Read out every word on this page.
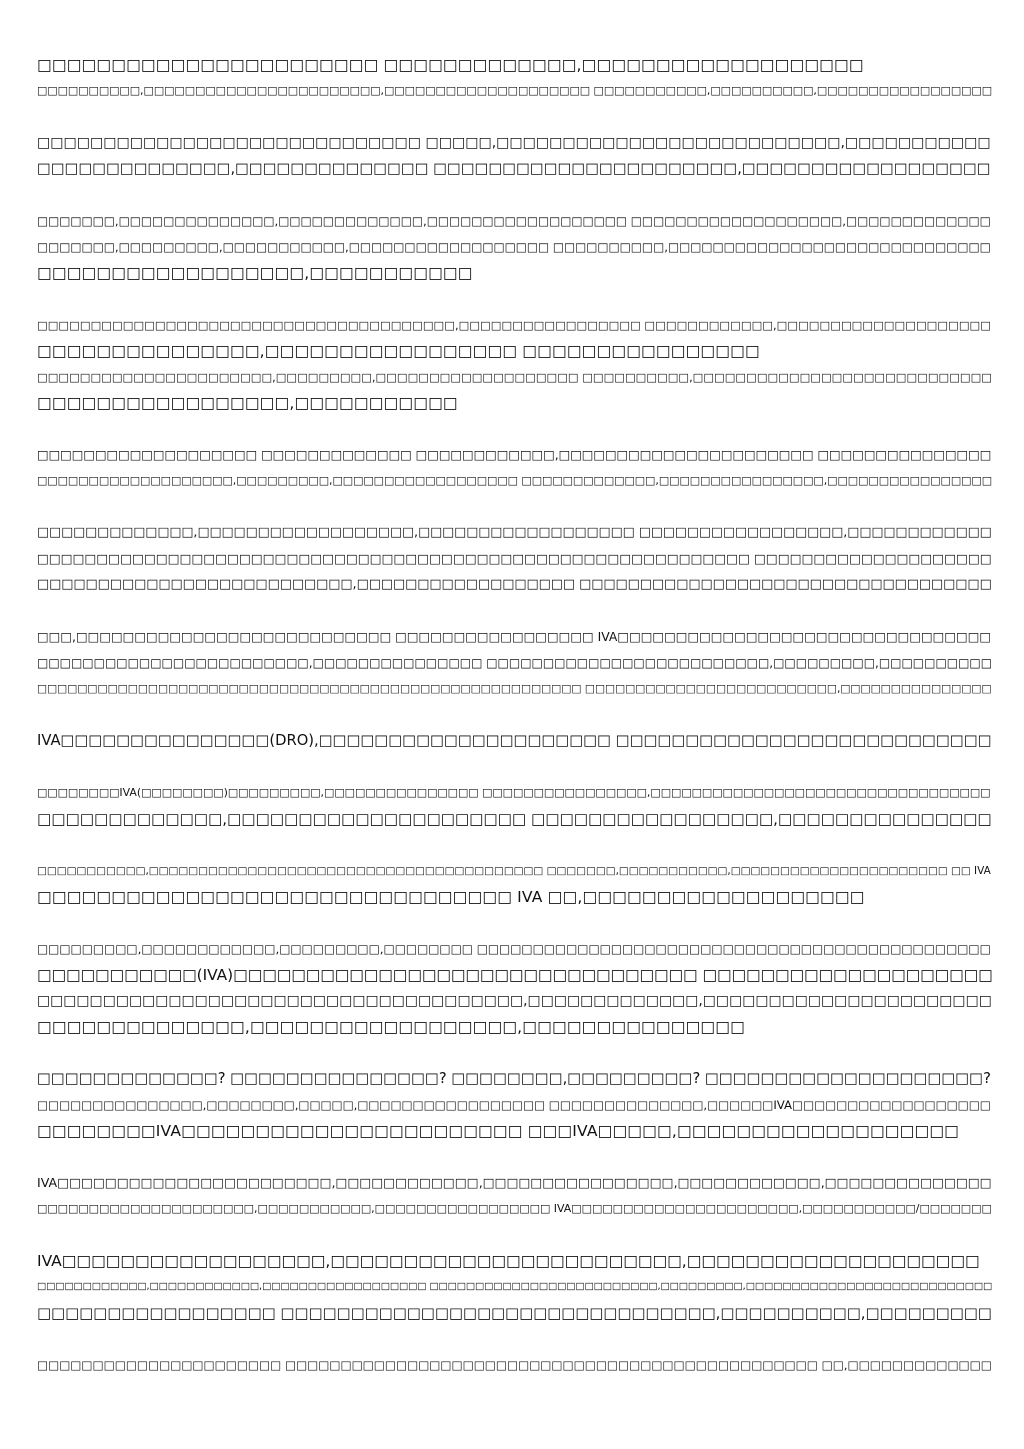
□□□□□□□□□□□□□□□□□□□□□□□ □□□□□□□□□□□□□,□□□□□□□□□□□□□□□□□□□
□□□□□□□□□□,□□□□□□□□□□□□□□□□□□□□□□□,□□□□□□□□□□□□□□□□□□□□ □□□□□□□□□□□,□□□□□□□□□□,□□□□□□□□□□□□□□□□□
□□□□□□□□□□□□□□□□□□□□□□□□□□□□□ □□□□□,□□□□□□□□□□□□□□□□□□□□□□□□□□,□□□□□□□□□□□
□□□□□□□□□□□□□□,□□□□□□□□□□□□□□ □□□□□□□□□□□□□□□□□□□□□□,□□□□□□□□□□□□□□□□□□
□□□□□□□,□□□□□□□□□□□□□□,□□□□□□□□□□□□□,□□□□□□□□□□□□□□□□□□ □□□□□□□□□□□□□□□□□□□,□□□□□□□□□□□□□
□□□□□□□,□□□□□□□□□,□□□□□□□□□□□,□□□□□□□□□□□□□□□□□□ □□□□□□□□□□,□□□□□□□□□□□□□□□□□□□□□□□□□□□□□
□□□□□□□□□□□□□□□□□□,□□□□□□□□□□□
□□□□□□□□□□□□□□□□□□□□□□□□□□□□□□□□□□□□□□□,□□□□□□□□□□□□□□□□□ □□□□□□□□□□□□,□□□□□□□□□□□□□□□□□□□□
□□□□□□□□□□□□□□□,□□□□□□□□□□□□□□□□□ □□□□□□□□□□□□□□□□
□□□□□□□□□□□□□□□□□□□□□□,□□□□□□□□□,□□□□□□□□□□□□□□□□□□□ □□□□□□□□□□,□□□□□□□□□□□□□□□□□□□□□□□□□□□□
□□□□□□□□□□□□□□□□□,□□□□□□□□□□□
□□□□□□□□□□□□□□□□□□□ □□□□□□□□□□□□□ □□□□□□□□□□□□,□□□□□□□□□□□□□□□□□□□□□□ □□□□□□□□□□□□□□□
□□□□□□□□□□□□□□□□□□□,□□□□□□□□□,□□□□□□□□□□□□□□□□□□ □□□□□□□□□□□□□,□□□□□□□□□□□□□□□□,□□□□□□□□□□□□□□□□
□□□□□□□□□□□□□,□□□□□□□□□□□□□□□□□□,□□□□□□□□□□□□□□□□□□ □□□□□□□□□□□□□□□□□,□□□□□□□□□□□□
□□□□□□□□□□□□□□□□□□□□□□□□□□□□□□□□□□□□□□□□□□□□□□□□□□□□□□□□□□□□ □□□□□□□□□□□□□□□□□□□□
□□□□□□□□□□□□□□□□□□□□□□□□□□,□□□□□□□□□□□□□□□□□□ □□□□□□□□□□□□□□□□□□□□□□□□□□□□□□□□□□
□□□,□□□□□□□□□□□□□□□□□□□□□□□□□□□ □□□□□□□□□□□□□□□□□ IVA□□□□□□□□□□□□□□□□□□□□□□□□□□□□□□□□
□□□□□□□□□□□□□□□□□□□□□□□□,□□□□□□□□□□□□□□□ □□□□□□□□□□□□□□□□□□□□□□□□□,□□□□□□□□□,□□□□□□□□□□
□□□□□□□□□□□□□□□□□□□□□□□□□□□□□□□□□□□□□□□□□□□□□□□□□□□□□□ □□□□□□□□□□□□□□□□□□□□□□□□□,□□□□□□□□□□□□□□□
IVA□□□□□□□□□□□□□□□(DRO),□□□□□□□□□□□□□□□□□□□□□ □□□□□□□□□□□□□□□□□□□□□□□□□□□
□□□□□□□□IVA(□□□□□□□□)□□□□□□□□□,□□□□□□□□□□□□□□□ □□□□□□□□□□□□□□□□,□□□□□□□□□□□□□□□□□□□□□□□□□□□□□□□□□
□□□□□□□□□□□□□,□□□□□□□□□□□□□□□□□□□□□ □□□□□□□□□□□□□□□□□,□□□□□□□□□□□□□□□
□□□□□□□□□□□,□□□□□□□□□□□□□□□□□□□□□□□□□□□□□□□□□□□□□□□□ □□□□□□□,□□□□□□□□□□□,□□□□□□□□□□□□□□□□□□□□□□ □□ IVA
□□□□□□□□□□□□□□□□□□□□□□□□□□□□□□□□ IVA □□,□□□□□□□□□□□□□□□□□□□
□□□□□□□□□,□□□□□□□□□□□□,□□□□□□□□□,□□□□□□□□ □□□□□□□□□□□□□□□□□□□□□□□□□□□□□□□□□□□□□□□□□□□□□□
□□□□□□□□□□□(IVA)□□□□□□□□□□□□□□□□□□□□□□□□□□□□□□□□ □□□□□□□□□□□□□□□□□□□□
□□□□□□□□□□□□□□□□□□□□□□□□□□□□□□□□□□□□□,□□□□□□□□□□□□□,□□□□□□□□□□□□□□□□□□□□□□
□□□□□□□□□□□□□□,□□□□□□□□□□□□□□□□□□,□□□□□□□□□□□□□□□
□□□□□□□□□□□□□? □□□□□□□□□□□□□□□? □□□□□□□□,□□□□□□□□□? □□□□□□□□□□□□□□□□□□□□?
□□□□□□□□□□□□□□□,□□□□□□□□,□□□□□,□□□□□□□□□□□□□□□□□ □□□□□□□□□□□□□□,□□□□□□IVA□□□□□□□□□□□□□□□□□□
□□□□□□□□IVA□□□□□□□□□□□□□□□□□□□□□□□ □□□IVA□□□□□,□□□□□□□□□□□□□□□□□□□
IVA□□□□□□□□□□□□□□□□□□□□□□□,□□□□□□□□□□□□,□□□□□□□□□□□□□□□□,□□□□□□□□□□□□,□□□□□□□□□□□□□□
□□□□□□□□□□□□□□□□□□□□□,□□□□□□□□□□□,□□□□□□□□□□□□□□□□□ IVA□□□□□□□□□□□□□□□□□□□□□□,□□□□□□□□□□□/□□□□□□□
IVA□□□□□□□□□□□□□□□□□□,□□□□□□□□□□□□□□□□□□□□□□□□,□□□□□□□□□□□□□□□□□□□□
□□□□□□□□□□□□,□□□□□□□□□□□□,□□□□□□□□□□□□□□□□□□ □□□□□□□□□□□□□□□□□□□□□□□□□,□□□□□□□□□,□□□□□□□□□□□□□□□□□□□□□□□□□□□
□□□□□□□□□□□□□□□□□ □□□□□□□□□□□□□□□□□□□□□□□□□□□□□□□,□□□□□□□□□□,□□□□□□□□□
□□□□□□□□□□□□□□□□□□□□□□ □□□□□□□□□□□□□□□□□□□□□□□□□□□□□□□□□□□□□□□□□□□□□□□□ □□,□□□□□□□□□□□□□
